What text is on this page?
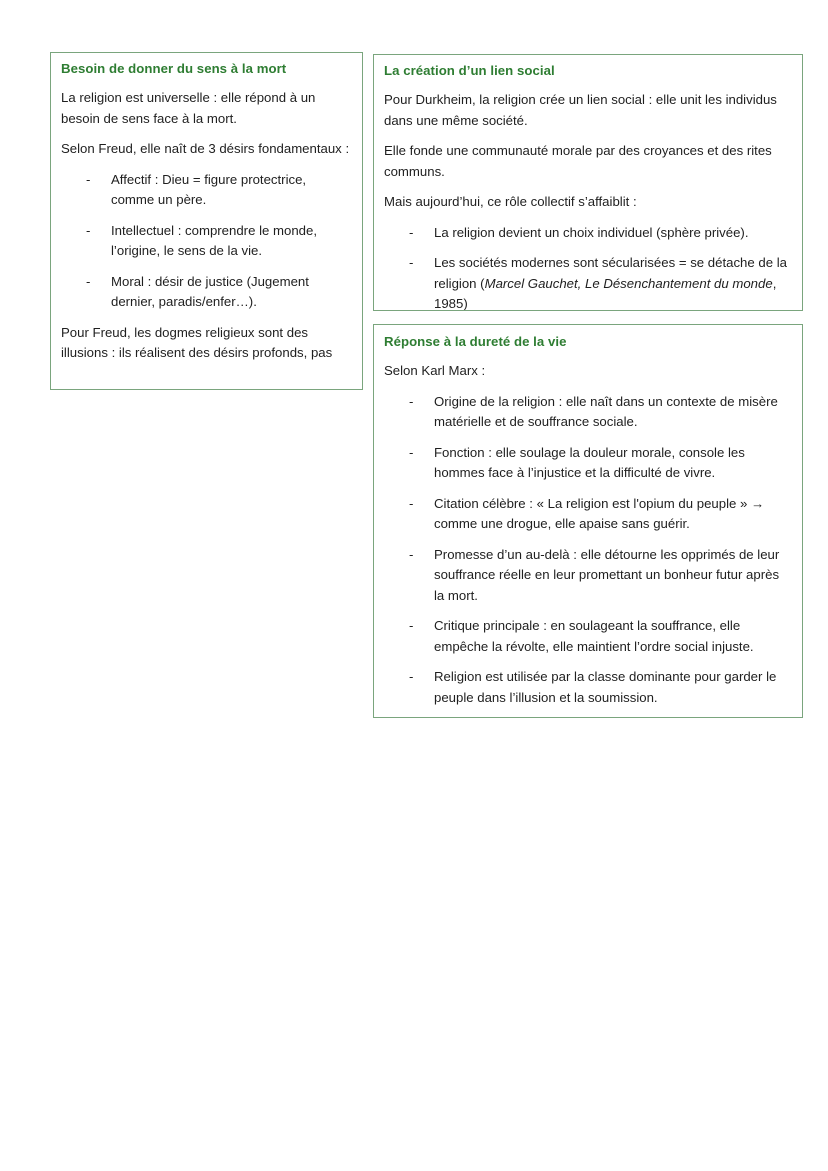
Besoin de donner du sens à la mort

La religion est universelle : elle répond à un besoin de sens face à la mort.

Selon Freud, elle naît de 3 désirs fondamentaux :

- Affectif : Dieu = figure protectrice, comme un père.
- Intellectuel : comprendre le monde, l’origine, le sens de la vie.
- Moral : désir de justice (Jugement dernier, paradis/enfer…).

Pour Freud, les dogmes religieux sont des illusions : ils réalisent des désirs profonds, pas

La création d’un lien social

Pour Durkheim, la religion crée un lien social : elle unit les individus dans une même société.

Elle fonde une communauté morale par des croyances et des rites communs.

Mais aujourd’hui, ce rôle collectif s’affaiblit :

- La religion devient un choix individuel (sphère privée).
- Les sociétés modernes sont sécularisées = se détache de la religion (Marcel Gauchet, Le Désenchantement du monde, 1985)
Réponse à la dureté de la vie

Selon Karl Marx :

- Origine de la religion : elle naît dans un contexte de misère matérielle et de souffrance sociale.
- Fonction : elle soulage la douleur morale, console les hommes face à l’injustice et la difficulté de vivre.
- Citation célèbre : « La religion est l'opium du peuple » → comme une drogue, elle apaise sans guérir.
- Promesse d’un au-delà : elle détourne les opprimés de leur souffrance réelle en leur promettant un bonheur futur après la mort.
- Critique principale : en soulageant la souffrance, elle empêche la révolte, elle maintient l’ordre social injuste.
- Religion est utilisée par la classe dominante pour garder le peuple dans l’illusion et la soumission.
